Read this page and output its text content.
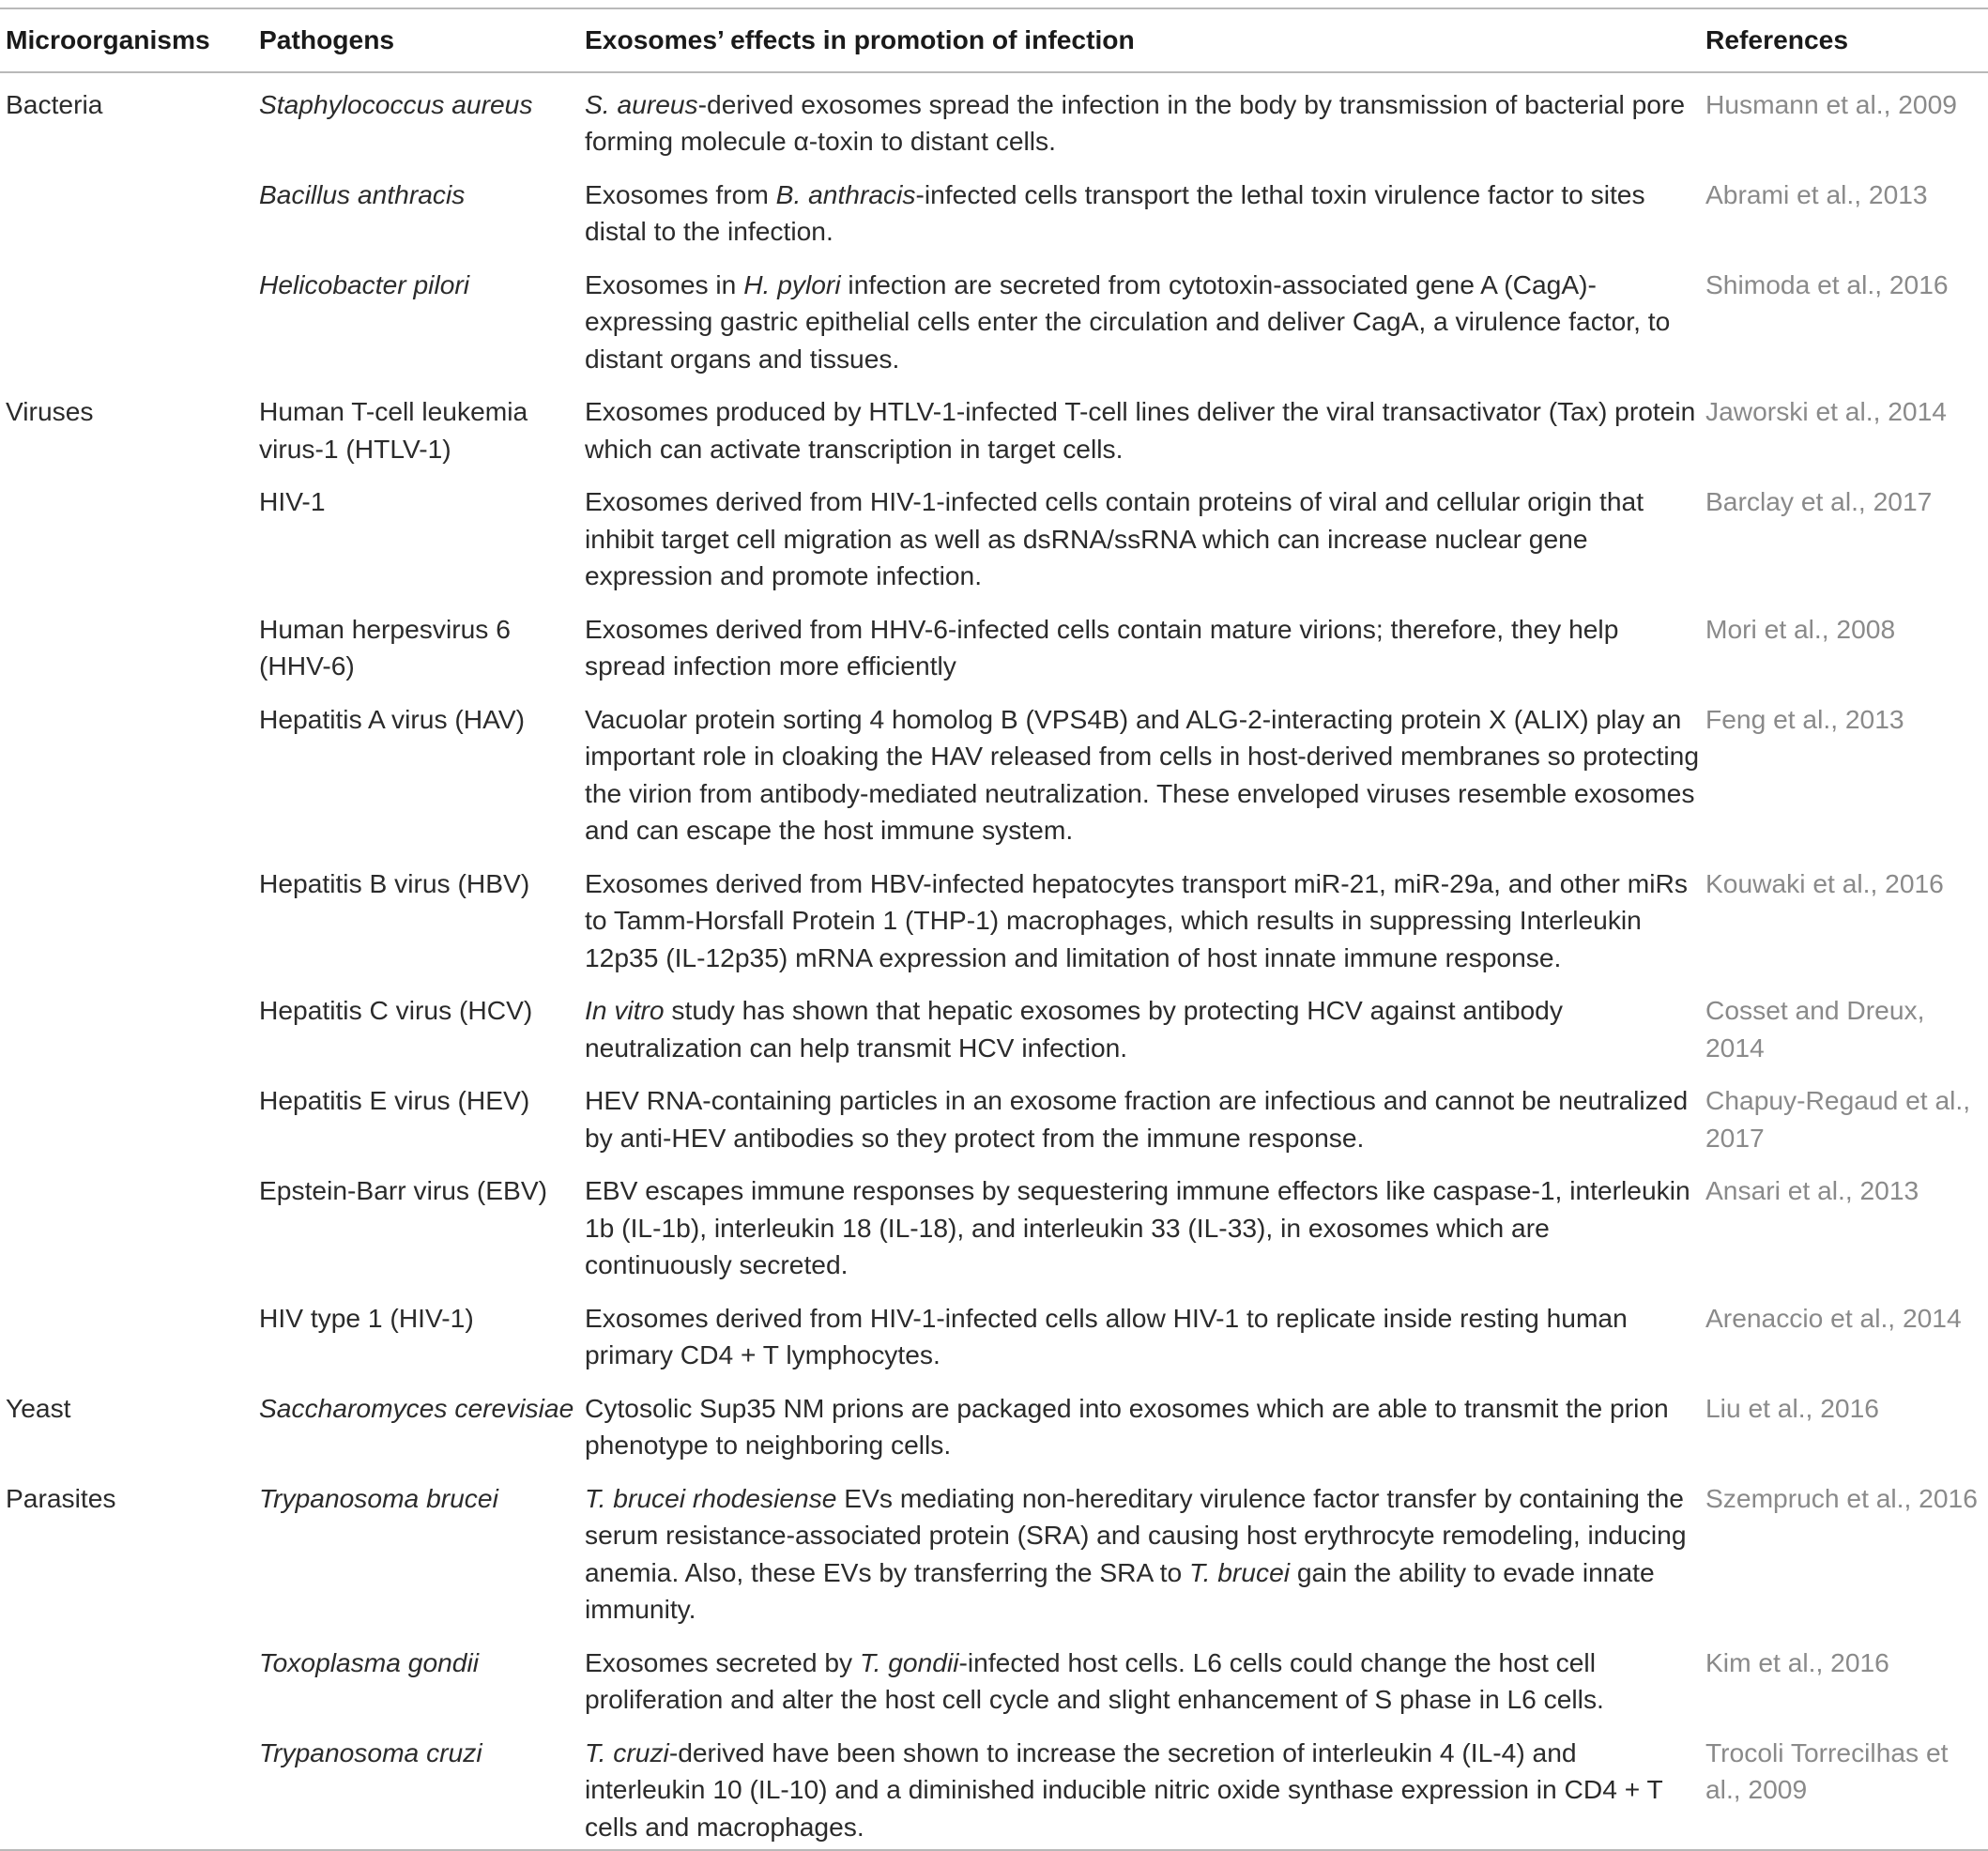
Microorganisms	Pathogens	Exosomes’ effects in promotion of infection	References
Bacteria	Staphylococcus aureus	S. aureus-derived exosomes spread the infection in the body by transmission of bacterial pore forming molecule α-toxin to distant cells.	Husmann et al., 2009
	Bacillus anthracis	Exosomes from B. anthracis-infected cells transport the lethal toxin virulence factor to sites distal to the infection.	Abrami et al., 2013
	Helicobacter pilori	Exosomes in H. pylori infection are secreted from cytotoxin-associated gene A (CagA)-expressing gastric epithelial cells enter the circulation and deliver CagA, a virulence factor, to distant organs and tissues.	Shimoda et al., 2016
Viruses	Human T-cell leukemia virus-1 (HTLV-1)	Exosomes produced by HTLV-1-infected T-cell lines deliver the viral transactivator (Tax) protein which can activate transcription in target cells.	Jaworski et al., 2014
	HIV-1	Exosomes derived from HIV-1-infected cells contain proteins of viral and cellular origin that inhibit target cell migration as well as dsRNA/ssRNA which can increase nuclear gene expression and promote infection.	Barclay et al., 2017
	Human herpesvirus 6 (HHV-6)	Exosomes derived from HHV-6-infected cells contain mature virions; therefore, they help spread infection more efficiently	Mori et al., 2008
	Hepatitis A virus (HAV)	Vacuolar protein sorting 4 homolog B (VPS4B) and ALG-2-interacting protein X (ALIX) play an important role in cloaking the HAV released from cells in host-derived membranes so protecting the virion from antibody-mediated neutralization. These enveloped viruses resemble exosomes and can escape the host immune system.	Feng et al., 2013
	Hepatitis B virus (HBV)	Exosomes derived from HBV-infected hepatocytes transport miR-21, miR-29a, and other miRs to Tamm-Horsfall Protein 1 (THP-1) macrophages, which results in suppressing Interleukin 12p35 (IL-12p35) mRNA expression and limitation of host innate immune response.	Kouwaki et al., 2016
	Hepatitis C virus (HCV)	In vitro study has shown that hepatic exosomes by protecting HCV against antibody neutralization can help transmit HCV infection.	Cosset and Dreux, 2014
	Hepatitis E virus (HEV)	HEV RNA-containing particles in an exosome fraction are infectious and cannot be neutralized by anti-HEV antibodies so they protect from the immune response.	Chapuy-Regaud et al., 2017
	Epstein-Barr virus (EBV)	EBV escapes immune responses by sequestering immune effectors like caspase-1, interleukin 1b (IL-1b), interleukin 18 (IL-18), and interleukin 33 (IL-33), in exosomes which are continuously secreted.	Ansari et al., 2013
	HIV type 1 (HIV-1)	Exosomes derived from HIV-1-infected cells allow HIV-1 to replicate inside resting human primary CD4 + T lymphocytes.	Arenaccio et al., 2014
Yeast	Saccharomyces cerevisiae	Cytosolic Sup35 NM prions are packaged into exosomes which are able to transmit the prion phenotype to neighboring cells.	Liu et al., 2016
Parasites	Trypanosoma brucei	T. brucei rhodesiense EVs mediating non-hereditary virulence factor transfer by containing the serum resistance-associated protein (SRA) and causing host erythrocyte remodeling, inducing anemia. Also, these EVs by transferring the SRA to T. brucei gain the ability to evade innate immunity.	Szempruch et al., 2016
	Toxoplasma gondii	Exosomes secreted by T. gondii-infected host cells. L6 cells could change the host cell proliferation and alter the host cell cycle and slight enhancement of S phase in L6 cells.	Kim et al., 2016
	Trypanosoma cruzi	T. cruzi-derived have been shown to increase the secretion of interleukin 4 (IL-4) and interleukin 10 (IL-10) and a diminished inducible nitric oxide synthase expression in CD4 + T cells and macrophages.	Trocoli Torrecilhas et al., 2009
